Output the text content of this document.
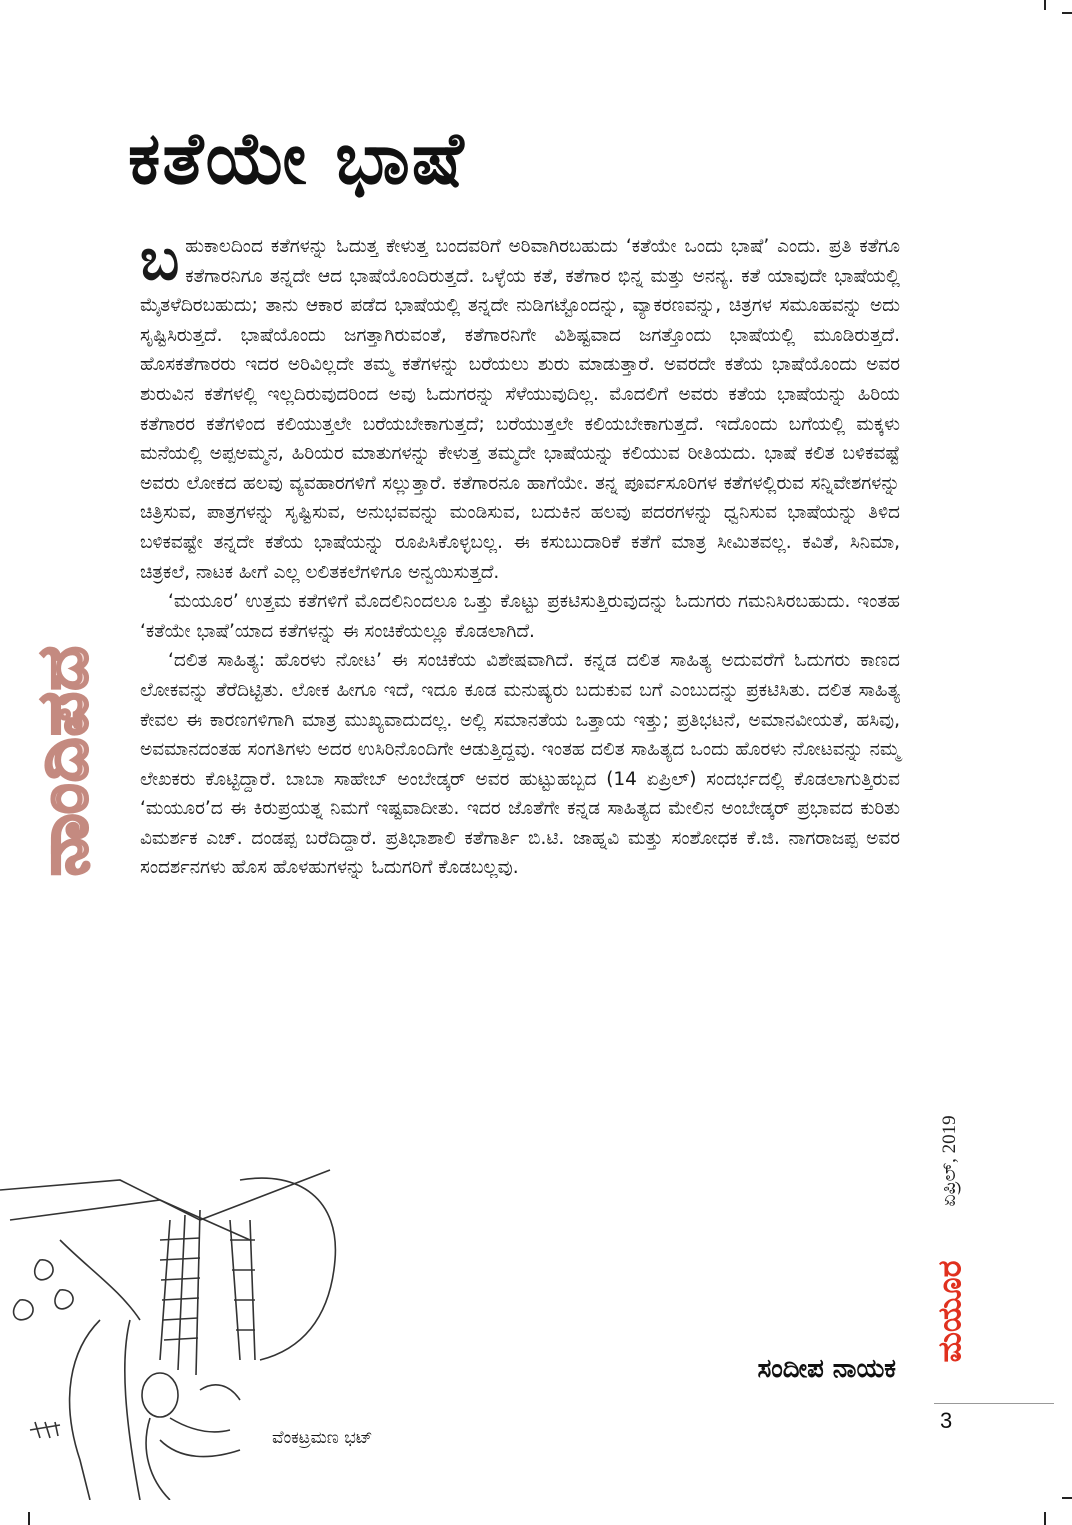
ಕತೆಯೇ ಭಾಷೆ
ನಾಂದಿಪದ

ಬಹುಕಾಲದಿಂದ ಕತೆಗಳನ್ನು ಓದುತ್ತ ಕೇಳುತ್ತ ಬಂದವರಿಗೆ ಅರಿವಾಗಿರಬಹುದು ‘ಕತೆಯೇ ಒಂದು ಭಾಷೆ’ ಎಂದು. ಪ್ರತಿ ಕತೆಗೂ ಕತೆಗಾರನಿಗೂ ತನ್ನದೇ ಆದ ಭಾಷೆಯೊಂದಿರುತ್ತದೆ. ಒಳ್ಳೆಯ ಕತೆ, ಕತೆಗಾರ ಭಿನ್ನ ಮತ್ತು ಅನನ್ಯ. ಕತೆ ಯಾವುದೇ ಭಾಷೆಯಲ್ಲಿ ಮೈತಳೆದಿರಬಹುದು; ತಾನು ಆಕಾರ ಪಡೆದ ಭಾಷೆಯಲ್ಲಿ ತನ್ನದೇ ನುಡಿಗಟ್ಟೊಂದನ್ನು, ವ್ಯಾಕರಣವನ್ನು, ಚಿತ್ರಗಳ ಸಮೂಹವನ್ನು ಅದು ಸೃಷ್ಟಿಸಿರುತ್ತದೆ. ಭಾಷೆಯೊಂದು ಜಗತ್ತಾಗಿರುವಂತೆ, ಕತೆಗಾರನಿಗೇ ವಿಶಿಷ್ಟವಾದ ಜಗತ್ತೊಂದು ಭಾಷೆಯಲ್ಲಿ ಮೂಡಿರುತ್ತದೆ. ಹೊಸಕತೆಗಾರರು ಇದರ ಅರಿವಿಲ್ಲದೇ ತಮ್ಮ ಕತೆಗಳನ್ನು ಬರೆಯಲು ಶುರು ಮಾಡುತ್ತಾರೆ. ಅವರದೇ ಕತೆಯ ಭಾಷೆಯೊಂದು ಅವರ ಶುರುವಿನ ಕತೆಗಳಲ್ಲಿ ಇಲ್ಲದಿರುವುದರಿಂದ ಅವು ಓದುಗರನ್ನು ಸೆಳೆಯುವುದಿಲ್ಲ. ಮೊದಲಿಗೆ ಅವರು ಕತೆಯ ಭಾಷೆಯನ್ನು ಹಿರಿಯ ಕತೆಗಾರರ ಕತೆಗಳಿಂದ ಕಲಿಯುತ್ತಲೇ ಬರೆಯಬೇಕಾಗುತ್ತದೆ; ಬರೆಯುತ್ತಲೇ ಕಲಿಯಬೇಕಾಗುತ್ತದೆ. ಇದೊಂದು ಬಗೆಯಲ್ಲಿ ಮಕ್ಕಳು ಮನೆಯಲ್ಲಿ ಅಪ್ಪಅಮ್ಮನ, ಹಿರಿಯರ ಮಾತುಗಳನ್ನು ಕೇಳುತ್ತ ತಮ್ಮದೇ ಭಾಷೆಯನ್ನು ಕಲಿಯುವ ರೀತಿಯದು. ಭಾಷೆ ಕಲಿತ ಬಳಿಕವಷ್ಟೆ ಅವರು ಲೋಕದ ಹಲವು ವ್ಯವಹಾರಗಳಿಗೆ ಸಲ್ಲುತ್ತಾರೆ. ಕತೆಗಾರನೂ ಹಾಗೆಯೇ. ತನ್ನ ಪೂರ್ವಸೂರಿಗಳ ಕತೆಗಳಲ್ಲಿರುವ ಸನ್ನಿವೇಶಗಳನ್ನು ಚಿತ್ರಿಸುವ, ಪಾತ್ರಗಳನ್ನು ಸೃಷ್ಟಿಸುವ, ಅನುಭವವನ್ನು ಮಂಡಿಸುವ, ಬದುಕಿನ ಹಲವು ಪದರಗಳನ್ನು ಧ್ವನಿಸುವ ಭಾಷೆಯನ್ನು ತಿಳಿದ ಬಳಿಕವಷ್ಟೇ ತನ್ನದೇ ಕತೆಯ ಭಾಷೆಯನ್ನು ರೂಪಿಸಿಕೊಳ್ಳಬಲ್ಲ. ಈ ಕಸುಬುದಾರಿಕೆ ಕತೆಗೆ ಮಾತ್ರ ಸೀಮಿತವಲ್ಲ. ಕವಿತೆ, ಸಿನಿಮಾ, ಚಿತ್ರಕಲೆ, ನಾಟಕ ಹೀಗೆ ಎಲ್ಲ ಲಲಿತಕಲೆಗಳಿಗೂ ಅನ್ವಯಿಸುತ್ತದೆ.

‘ಮಯೂರ’ ಉತ್ತಮ ಕತೆಗಳಿಗೆ ಮೊದಲಿನಿಂದಲೂ ಒತ್ತು ಕೊಟ್ಟು ಪ್ರಕಟಿಸುತ್ತಿರುವುದನ್ನು ಓದುಗರು ಗಮನಿಸಿರಬಹುದು. ಇಂತಹ ‘ಕತೆಯೇ ಭಾಷೆ’ಯಾದ ಕತೆಗಳನ್ನು ಈ ಸಂಚಿಕೆಯಲ್ಲೂ ಕೊಡಲಾಗಿದೆ.

‘ದಲಿತ ಸಾಹಿತ್ಯ: ಹೊರಳು ನೋಟ’ ಈ ಸಂಚಿಕೆಯ ವಿಶೇಷವಾಗಿದೆ. ಕನ್ನಡ ದಲಿತ ಸಾಹಿತ್ಯ ಅದುವರೆಗೆ ಓದುಗರು ಕಾಣದ ಲೋಕವನ್ನು ತೆರೆದಿಟ್ಟಿತು. ಲೋಕ ಹೀಗೂ ಇದೆ, ಇದೂ ಕೂಡ ಮನುಷ್ಯರು ಬದುಕುವ ಬಗೆ ಎಂಬುದನ್ನು ಪ್ರಕಟಿಸಿತು. ದಲಿತ ಸಾಹಿತ್ಯ ಕೇವಲ ಈ ಕಾರಣಗಳಿಗಾಗಿ ಮಾತ್ರ ಮುಖ್ಯವಾದುದಲ್ಲ. ಅಲ್ಲಿ ಸಮಾನತೆಯ ಒತ್ತಾಯ ಇತ್ತು; ಪ್ರತಿಭಟನೆ, ಅಮಾನವೀಯತೆ, ಹಸಿವು, ಅವಮಾನದಂತಹ ಸಂಗತಿಗಳು ಅದರ ಉಸಿರಿನೊಂದಿಗೇ ಆಡುತ್ತಿದ್ದವು. ಇಂತಹ ದಲಿತ ಸಾಹಿತ್ಯದ ಒಂದು ಹೊರಳು ನೋಟವನ್ನು ನಮ್ಮ ಲೇಖಕರು ಕೊಟ್ಟಿದ್ದಾರೆ. ಬಾಬಾ ಸಾಹೇಬ್ ಅಂಬೇಡ್ಕರ್ ಅವರ ಹುಟ್ಟುಹಬ್ಬದ (14 ಏಪ್ರಿಲ್) ಸಂದರ್ಭದಲ್ಲಿ ಕೊಡಲಾಗುತ್ತಿರುವ ‘ಮಯೂರ’ದ ಈ ಕಿರುಪ್ರಯತ್ನ ನಿಮಗೆ ಇಷ್ಟವಾದೀತು. ಇದರ ಜೊತೆಗೇ ಕನ್ನಡ ಸಾಹಿತ್ಯದ ಮೇಲಿನ ಅಂಬೇಡ್ಕರ್ ಪ್ರಭಾವದ ಕುರಿತು ವಿಮರ್ಶಕ ಎಚ್. ದಂಡಪ್ಪ ಬರೆದಿದ್ದಾರೆ. ಪ್ರತಿಭಾಶಾಲಿ ಕತೆಗಾರ್ತಿ ಬಿ.ಟಿ. ಜಾಹ್ನವಿ ಮತ್ತು ಸಂಶೋಧಕ ಕೆ.ಜಿ. ನಾಗರಾಜಪ್ಪ ಅವರ ಸಂದರ್ಶನಗಳು ಹೊಸ ಹೊಳಹುಗಳನ್ನು ಓದುಗರಿಗೆ ಕೊಡಬಲ್ಲವು.

ವೆಂಕಟ್ರಮಣ ಭಟ್
ಸಂದೀಪ ನಾಯಕ
ಏಪ್ರಿಲ್, 2019
ಮಯೂರ
3
